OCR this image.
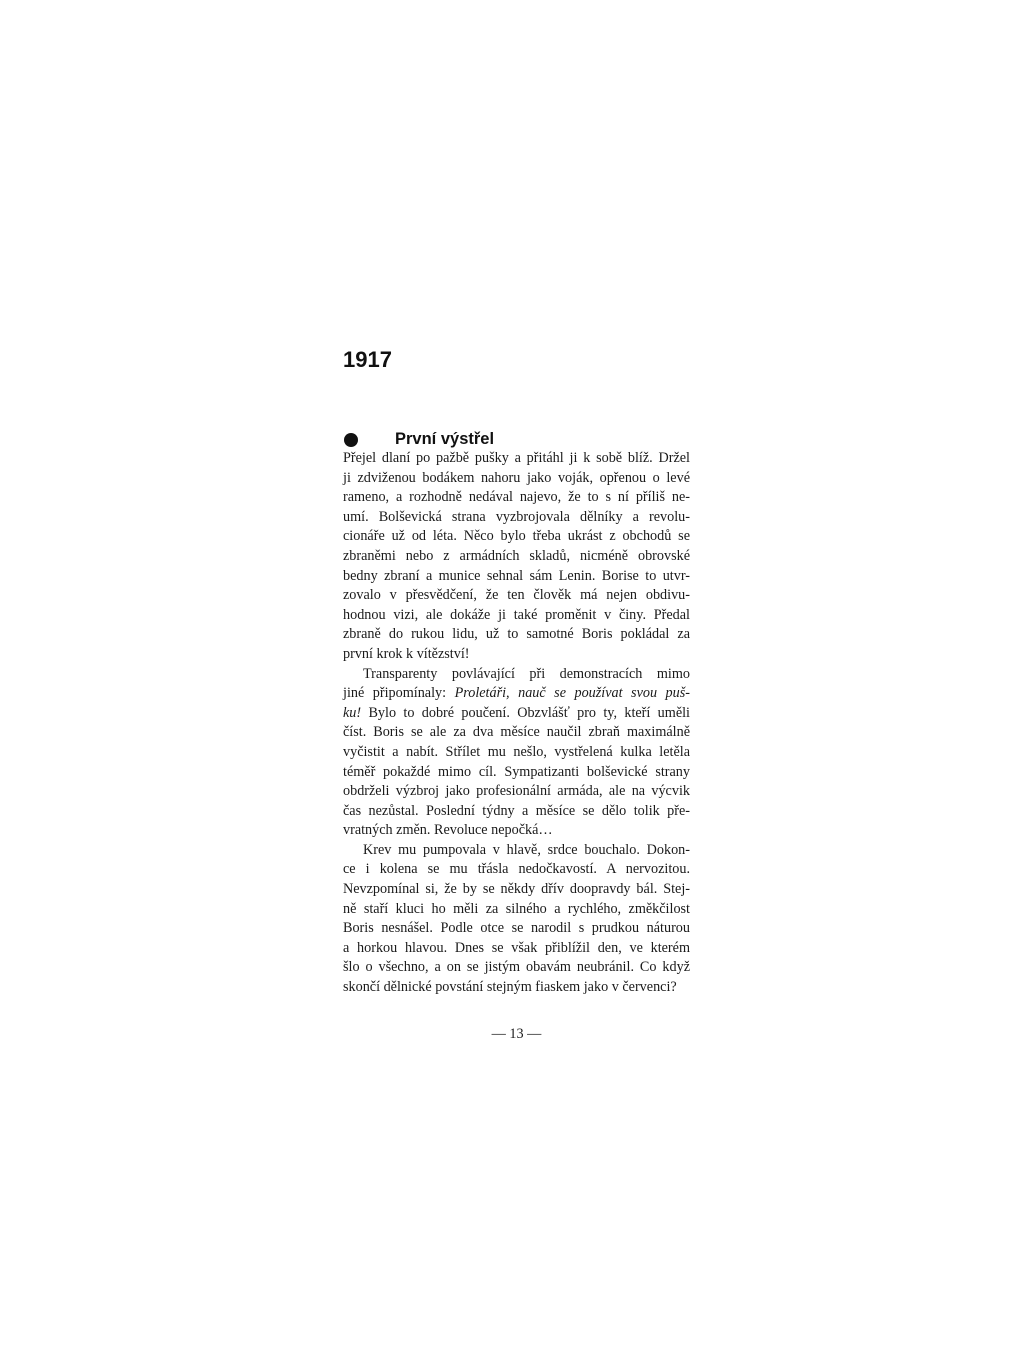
1917
První výstřel
Přejel dlaní po pažbě pušky a přitáhl ji k sobě blíž. Držel
ji zdviženou bodákem nahoru jako voják, opřenou o levé
rameno, a rozhodně nedával najevo, že to s ní příliš ne-
umí. Bolševická strana vyzbrojovala dělníky a revolu-
cionáře už od léta. Něco bylo třeba ukrást z obchodů se
zbraněmi nebo z armádních skladů, nicméně obrovské
bedny zbraní a munice sehnal sám Lenin. Borise to utvr-
zovalo v přesvědčení, že ten člověk má nejen obdivu-
hodnou vizi, ale dokáže ji také proměnit v činy. Předal
zbraně do rukou lidu, už to samotné Boris pokládal za
první krok k vítězství!
Transparenty povlávající při demonstracích mimo
jiné připomínaly: Proletáři, nauč se používat svou puš-
ku! Bylo to dobré poučení. Obzvlášť pro ty, kteří uměli
číst. Boris se ale za dva měsíce naučil zbraň maximálně
vyčistit a nabít. Střílet mu nešlo, vystřelená kulka letěla
téměř pokaždé mimo cíl. Sympatizanti bolševické strany
obdrželi výzbroj jako profesionální armáda, ale na výcvik
čas nezůstal. Poslední týdny a měsíce se dělo tolik pře-
vratných změn. Revoluce nepočká…
Krev mu pumpovala v hlavě, srdce bouchalo. Dokon-
ce i kolena se mu třásla nedočkavostí. A nervozitou.
Nevzpomínal si, že by se někdy dřív doopravdy bál. Stej-
ně staří kluci ho měli za silného a rychlého, změkčilost
Boris nesnášel. Podle otce se narodil s prudkou náturou
a horkou hlavou. Dnes se však přiblížil den, ve kterém
šlo o všechno, a on se jistým obavám neubránil. Co když
skončí dělnické povstání stejným fiaskem jako v červenci?
— 13 —
